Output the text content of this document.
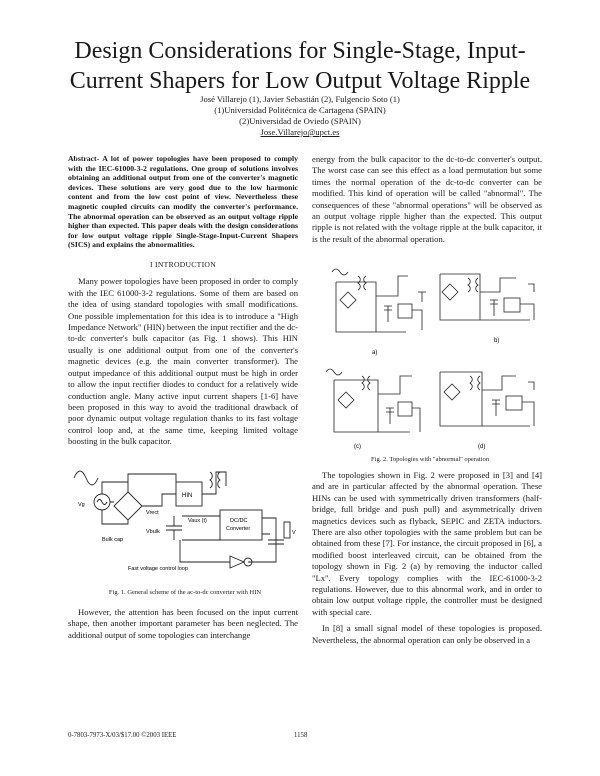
Design Considerations for Single-Stage, Input-
Current Shapers for Low Output Voltage Ripple
José Villarejo (1), Javier Sebastián (2), Fulgencio Soto (1)
(1)Universidad Politécnica de Cartagena (SPAIN)
(2)Universidad de Oviedo (SPAIN)
Jose.Villarejo@upct.es

Abstract- A lot of power topologies have been proposed to comply with the IEC-61000-3-2 regulations. One group of solutions involves obtaining an additional output from one of the converter's magnetic devices. These solutions are very good due to the low harmonic content and from the low cost point of view. Nevertheless these magnetic coupled circuits can modify the converter's performance. The abnormal operation can be observed as an output voltage ripple higher than expected. This paper deals with the design considerations for low output voltage ripple Single-Stage-Input-Current Shapers (SICS) and explains the abnormalities.

I INTRODUCTION

Many power topologies have been proposed in order to comply with the IEC 61000-3-2 regulations. Some of them are based on the idea of using standard topologies with small modifications. One possible implementation for this idea is to introduce a "High Impedance Network" (HIN) between the input rectifier and the dc-to-dc converter's bulk capacitor (as Fig. 1 shows). This HIN usually is one additional output from one of the converter's magnetic devices (e.g. the main converter transformer). The output impedance of this additional output must be high in order to allow the input rectifier diodes to conduct for a relatively wide conduction angle. Many active input current shapers [1-6] have been proposed in this way to avoid the traditional drawback of poor dynamic output voltage regulation thanks to its fast voltage control loop and, at the same time, keeping limited voltage boosting in the bulk capacitor.

Bulk cap
Vg
HIN
Vrect
Vbulk
Vaux (t)	DC/DC
Converter
V
Fast voltage control loop
Fig. 1. General scheme of the ac-to-dc converter with HIN

However, the attention has been focused on the input current shape, then another important parameter has been neglected. The additional output of some topologies can interchange

energy from the bulk capacitor to the dc-to-dc converter's output. The worst case can see this effect as a load permutation but some times the normal operation of the dc-to-dc converter can be modified. This kind of operation will be called "abnormal". The consequences of these "abnormal operations" will be observed as an output voltage ripple higher than the expected. This output ripple is not related with the voltage ripple at the bulk capacitor, it is the result of the abnormal operation.

a)
b)
(c)	(d)
Fig. 2. Topologies with "abnormal" operation

The topologies shown in Fig. 2 were proposed in [3] and [4] and are in particular affected by the abnormal operation. These HINs can be used with symmetrically driven transformers (half-bridge, full bridge and push pull) and asymmetrically driven magnetics devices such as flyback, SEPIC and ZETA inductors. There are also other topologies with the same problem but can be obtained from these [7]. For instance, the circuit proposed in [6], a modified boost interleaved circuit, can be obtained from the topology shown in Fig. 2 (a) by removing the inductor called "Lx". Every topology complies with the IEC-61000-3-2 regulations. However, due to this abnormal work, and in order to obtain low output voltage ripple, the controller must be designed with special care.

In [8] a small signal model of these topologies is proposed. Nevertheless, the abnormal operation can only be observed in a

0-7803-7973-X/03/$17.00 ©2003 IEEE	1158
